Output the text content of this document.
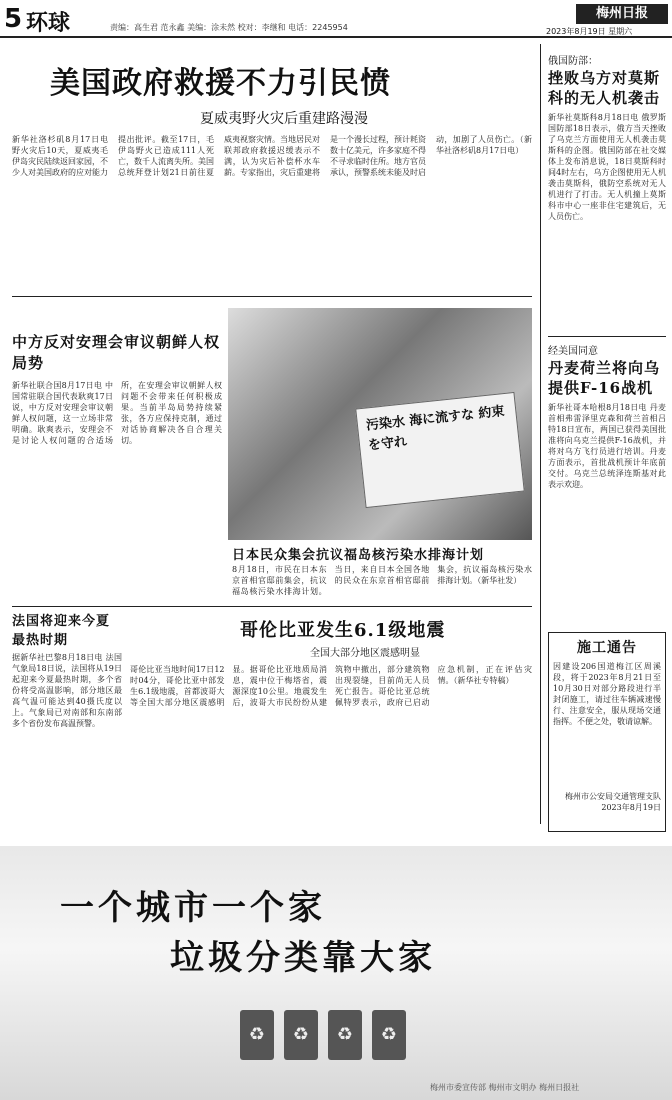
5 环球	责编：高生君 范永鑫 美编：涂未然 校对：李继和 电话：2245954
梅州日报
2023年8月19日 星期六
美国政府救援不力引民愤
夏威夷野火灾后重建路漫漫
新华社洛杉矶8月17日电 野火灾后10天，夏威夷毛伊岛灾民陆续返回家园，不少人对美国政府的应对能力提出批评。截至17日，毛伊岛野火已造成111人死亡，数千人流离失所。美国总统拜登计划21日前往夏威夷视察灾情。当地居民对联邦政府救援迟缓表示不满，认为灾后补偿杯水车薪。专家指出，灾后重建将是一个漫长过程，预计耗资数十亿美元，许多家庭不得不寻求临时住所。地方官员承认，预警系统未能及时启动，加剧了人员伤亡。（新华社洛杉矶8月17日电）
俄国防部：
挫败乌方对莫斯科的无人机袭击
新华社莫斯科8月18日电 俄罗斯国防部18日表示，俄方当天挫败了乌克兰方面使用无人机袭击莫斯科的企图。俄国防部在社交媒体上发布消息说，18日莫斯科时间4时左右，乌方企图使用无人机袭击莫斯科，俄防空系统对无人机进行了打击。无人机撞上莫斯科市中心一座非住宅建筑后，无人员伤亡。
经美国同意
丹麦荷兰将向乌提供F-16战机
新华社哥本哈根8月18日电 丹麦首相弗雷泽里克森和荷兰首相吕特18日宣布，两国已获得美国批准将向乌克兰提供F-16战机，并将对乌方飞行员进行培训。丹麦方面表示，首批战机预计年底前交付。乌克兰总统泽连斯基对此表示欢迎。
施工通告
因建设206国道梅江区周溪段，将于2023年8月21日至10月30日对部分路段进行半封闭施工，请过往车辆减速慢行、注意安全，服从现场交通指挥。不便之处，敬请谅解。
梅州市公安局交通管理支队 2023年8月19日
中方反对安理会审议朝鲜人权局势
新华社联合国8月17日电 中国常驻联合国代表耿爽17日说，中方反对安理会审议朝鲜人权问题，这一立场非常明确。耿爽表示，安理会不是讨论人权问题的合适场所，在安理会审议朝鲜人权问题不会带来任何积极成果。当前半岛局势持续紧张，各方应保持克制，通过对话协商解决各自合理关切。
污染水 海に流すな 約束を守れ
日本民众集会抗议福岛核污染水排海计划
8月18日，市民在日本东京首相官邸前集会，抗议福岛核污染水排海计划。当日，来自日本全国各地的民众在东京首相官邸前集会，抗议福岛核污染水排海计划。（新华社发）
法国将迎来今夏最热时期
据新华社巴黎8月18日电 法国气象局18日说，法国将从19日起迎来今夏最热时期，多个省份将受高温影响，部分地区最高气温可能达到40摄氏度以上。气象局已对南部和东南部多个省份发布高温预警。
哥伦比亚发生6.1级地震
全国大部分地区震感明显
哥伦比亚当地时间17日12时04分，哥伦比亚中部发生6.1级地震，首都波哥大等全国大部分地区震感明显。据哥伦比亚地质局消息，震中位于梅塔省，震源深度10公里。地震发生后，波哥大市民纷纷从建筑物中撤出，部分建筑物出现裂缝，目前尚无人员死亡报告。哥伦比亚总统佩特罗表示，政府已启动应急机制，正在评估灾情。（新华社专特稿）
一个城市一个家
垃圾分类靠大家
♻ ♻ ♻ ♻
梅州市委宣传部 梅州市文明办 梅州日报社
